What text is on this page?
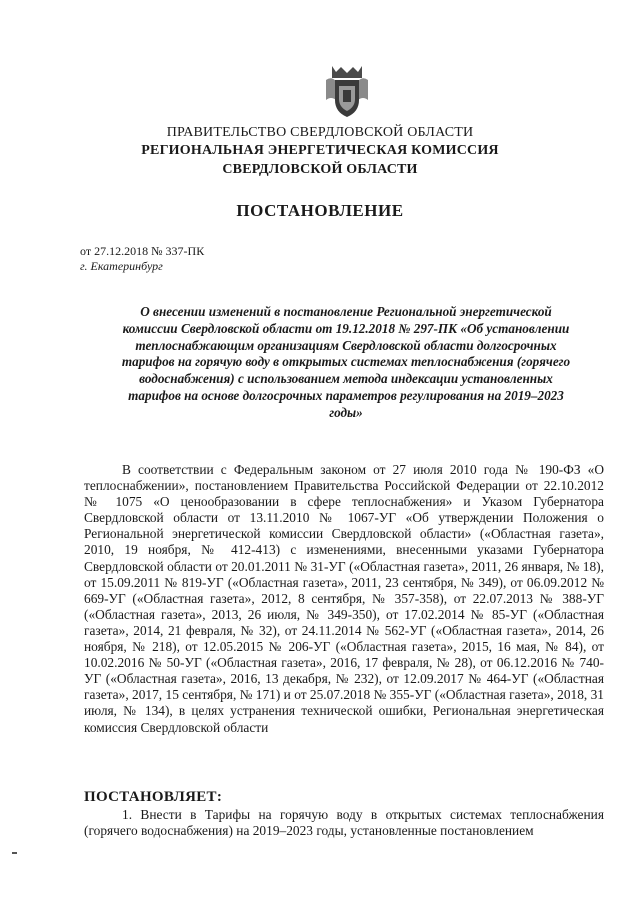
ПРАВИТЕЛЬСТВО СВЕРДЛОВСКОЙ ОБЛАСТИ
РЕГИОНАЛЬНАЯ ЭНЕРГЕТИЧЕСКАЯ КОМИССИЯ
СВЕРДЛОВСКОЙ ОБЛАСТИ
ПОСТАНОВЛЕНИЕ
от 27.12.2018 № 337-ПК
г. Екатеринбург
О внесении изменений в постановление Региональной энергетической комиссии Свердловской области от 19.12.2018 № 297-ПК «Об установлении теплоснабжающим организациям Свердловской области долгосрочных тарифов на горячую воду в открытых системах теплоснабжения (горячего водоснабжения) с использованием метода индексации установленных тарифов на основе долгосрочных параметров регулирования на 2019–2023 годы»

В соответствии с Федеральным законом от 27 июля 2010 года № 190-ФЗ «О теплоснабжении», постановлением Правительства Российской Федерации от 22.10.2012 № 1075 «О ценообразовании в сфере теплоснабжения» и Указом Губернатора Свердловской области от 13.11.2010 № 1067-УГ «Об утверждении Положения о Региональной энергетической комиссии Свердловской области» («Областная газета», 2010, 19 ноября, № 412-413) с изменениями, внесенными указами Губернатора Свердловской области от 20.01.2011 № 31-УГ («Областная газета», 2011, 26 января, № 18), от 15.09.2011 № 819-УГ («Областная газета», 2011, 23 сентября, № 349), от 06.09.2012 № 669-УГ («Областная газета», 2012, 8 сентября, № 357-358), от 22.07.2013 № 388-УГ («Областная газета», 2013, 26 июля, № 349-350), от 17.02.2014 № 85-УГ («Областная газета», 2014, 21 февраля, № 32), от 24.11.2014 № 562-УГ («Областная газета», 2014, 26 ноября, № 218), от 12.05.2015 № 206-УГ («Областная газета», 2015, 16 мая, № 84), от 10.02.2016 № 50-УГ («Областная газета», 2016, 17 февраля, № 28), от 06.12.2016 № 740-УГ («Областная газета», 2016, 13 декабря, № 232), от 12.09.2017 № 464-УГ («Областная газета», 2017, 15 сентября, № 171) и от 25.07.2018 № 355-УГ («Областная газета», 2018, 31 июля, № 134), в целях устранения технической ошибки, Региональная энергетическая комиссия Свердловской области

ПОСТАНОВЛЯЕТ:

1. Внести в Тарифы на горячую воду в открытых системах теплоснабжения (горячего водоснабжения) на 2019–2023 годы, установленные постановлением
